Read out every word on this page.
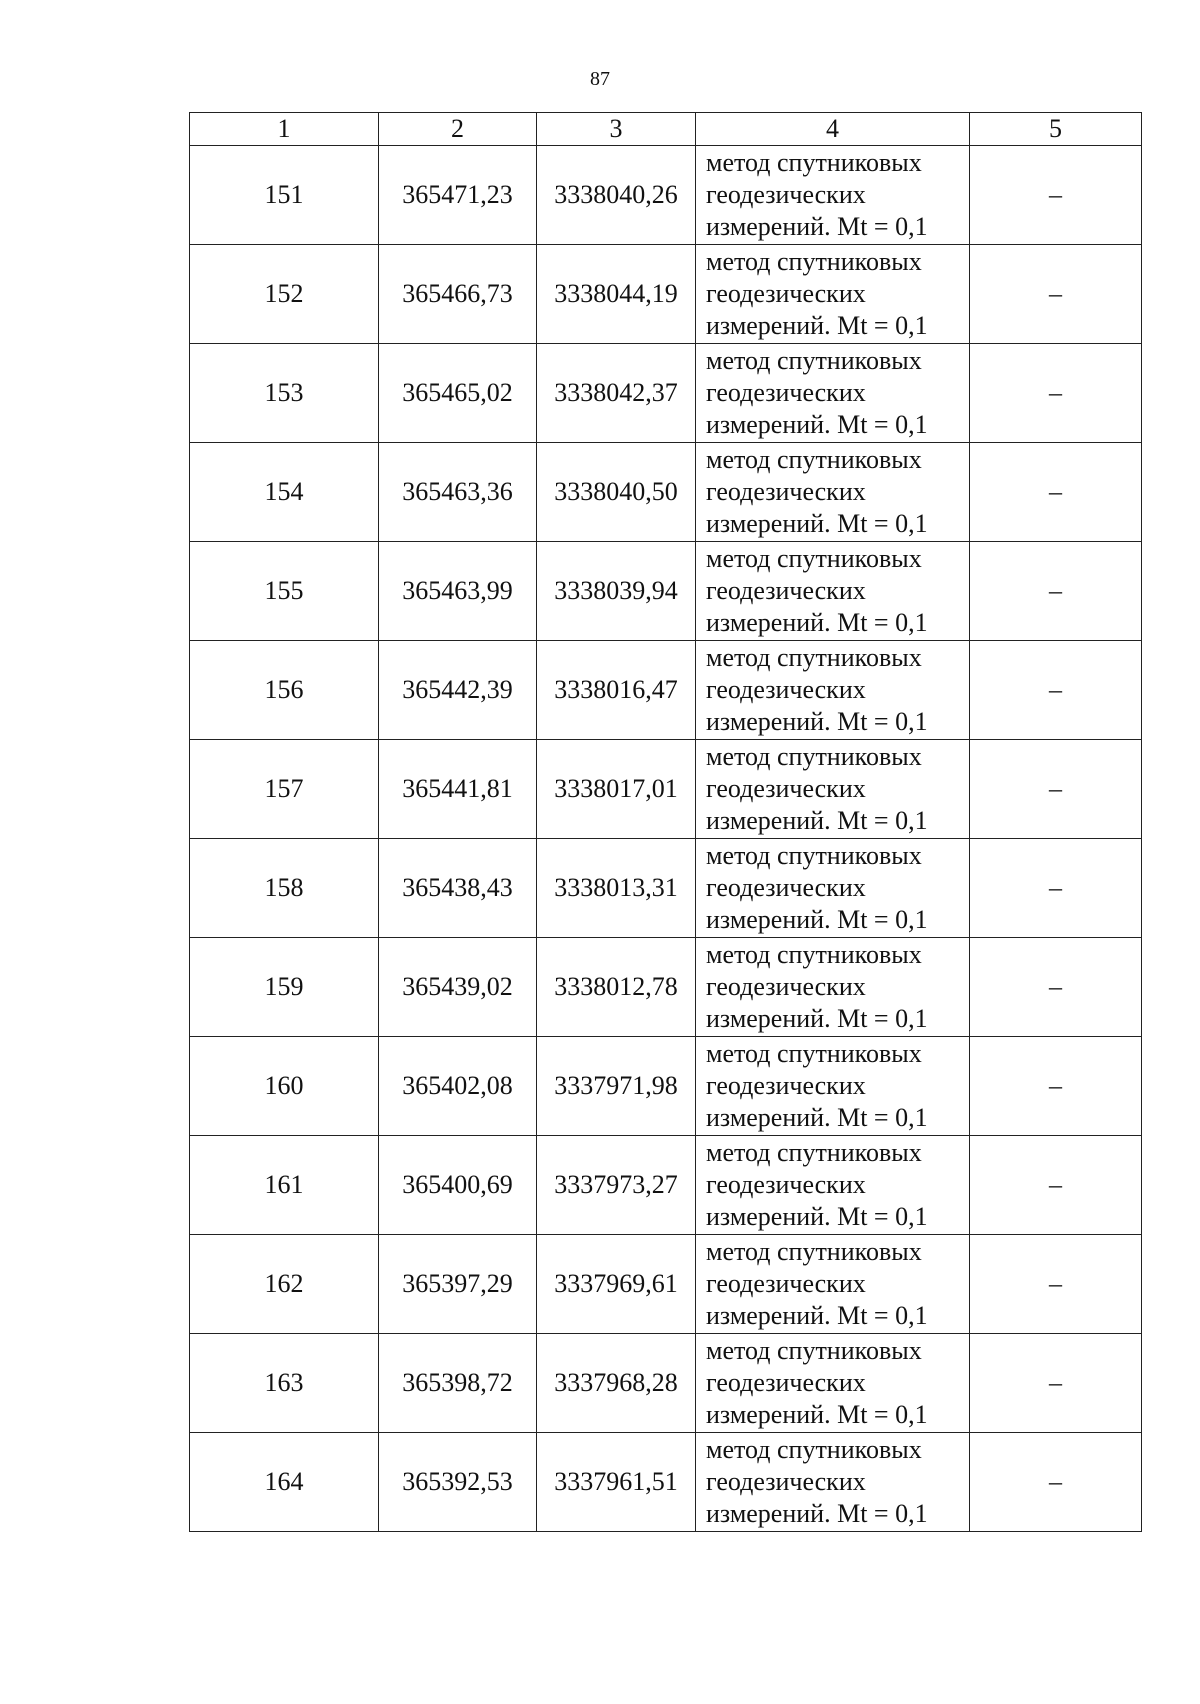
87
1	2	3	4	5
151	365471,23	3338040,26	метод спутниковых
геодезических
измерений. Mt = 0,1	–
152	365466,73	3338044,19	метод спутниковых
геодезических
измерений. Mt = 0,1	–
153	365465,02	3338042,37	метод спутниковых
геодезических
измерений. Mt = 0,1	–
154	365463,36	3338040,50	метод спутниковых
геодезических
измерений. Mt = 0,1	–
155	365463,99	3338039,94	метод спутниковых
геодезических
измерений. Mt = 0,1	–
156	365442,39	3338016,47	метод спутниковых
геодезических
измерений. Mt = 0,1	–
157	365441,81	3338017,01	метод спутниковых
геодезических
измерений. Mt = 0,1	–
158	365438,43	3338013,31	метод спутниковых
геодезических
измерений. Mt = 0,1	–
159	365439,02	3338012,78	метод спутниковых
геодезических
измерений. Mt = 0,1	–
160	365402,08	3337971,98	метод спутниковых
геодезических
измерений. Mt = 0,1	–
161	365400,69	3337973,27	метод спутниковых
геодезических
измерений. Mt = 0,1	–
162	365397,29	3337969,61	метод спутниковых
геодезических
измерений. Mt = 0,1	–
163	365398,72	3337968,28	метод спутниковых
геодезических
измерений. Mt = 0,1	–
164	365392,53	3337961,51	метод спутниковых
геодезических
измерений. Mt = 0,1	–
